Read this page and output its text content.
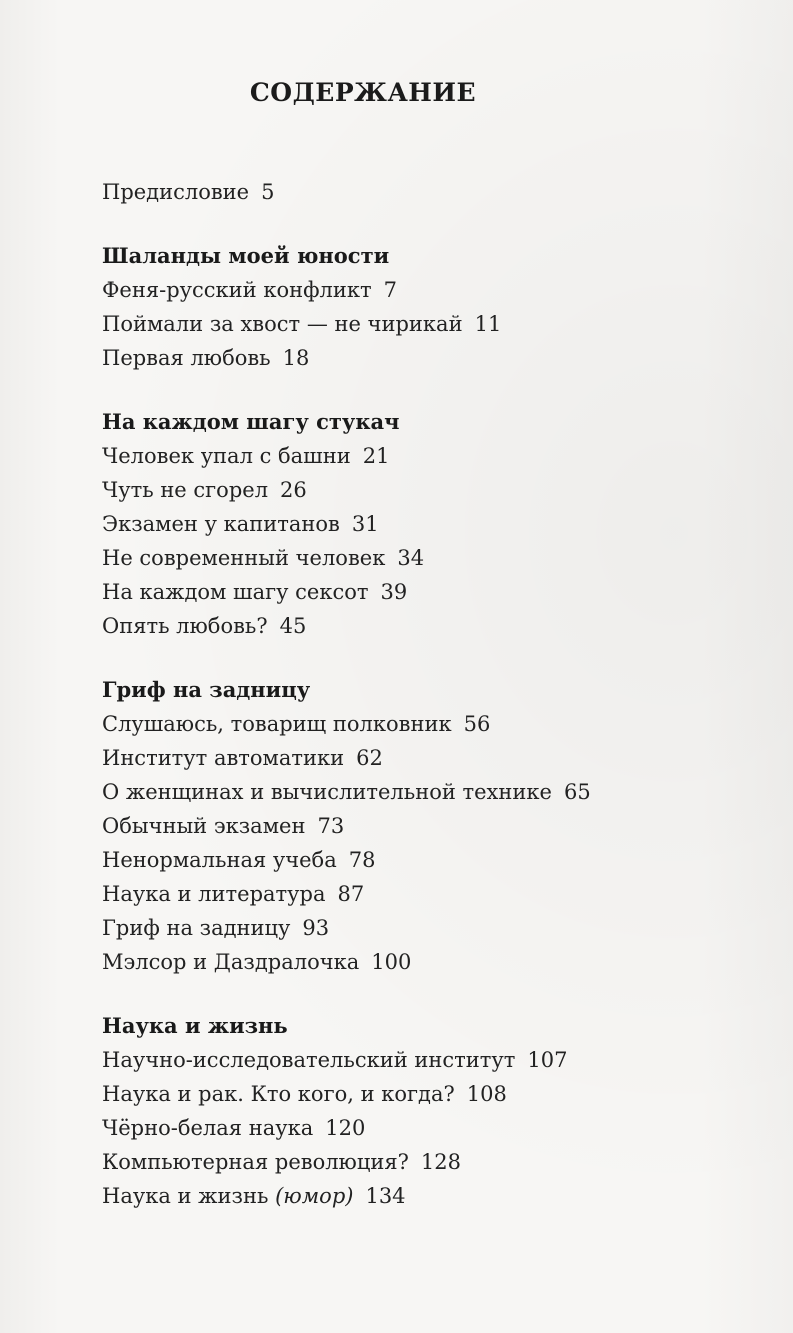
СОДЕРЖАНИЕ
Предисловие 5
Шаланды моей юности
Феня-русский конфликт 7
Поймали за хвост — не чирикай 11
Первая любовь 18
На каждом шагу стукач
Человек упал с башни 21
Чуть не сгорел 26
Экзамен у капитанов 31
Не современный человек 34
На каждом шагу сексот 39
Опять любовь? 45
Гриф на задницу
Слушаюсь, товарищ полковник 56
Институт автоматики 62
О женщинах и вычислительной технике 65
Обычный экзамен 73
Ненормальная учеба 78
Наука и литература 87
Гриф на задницу 93
Мэлсор и Даздралочка 100
Наука и жизнь
Научно-исследовательский институт 107
Наука и рак. Кто кого, и когда? 108
Чёрно-белая наука 120
Компьютерная революция? 128
Наука и жизнь (юмор) 134
